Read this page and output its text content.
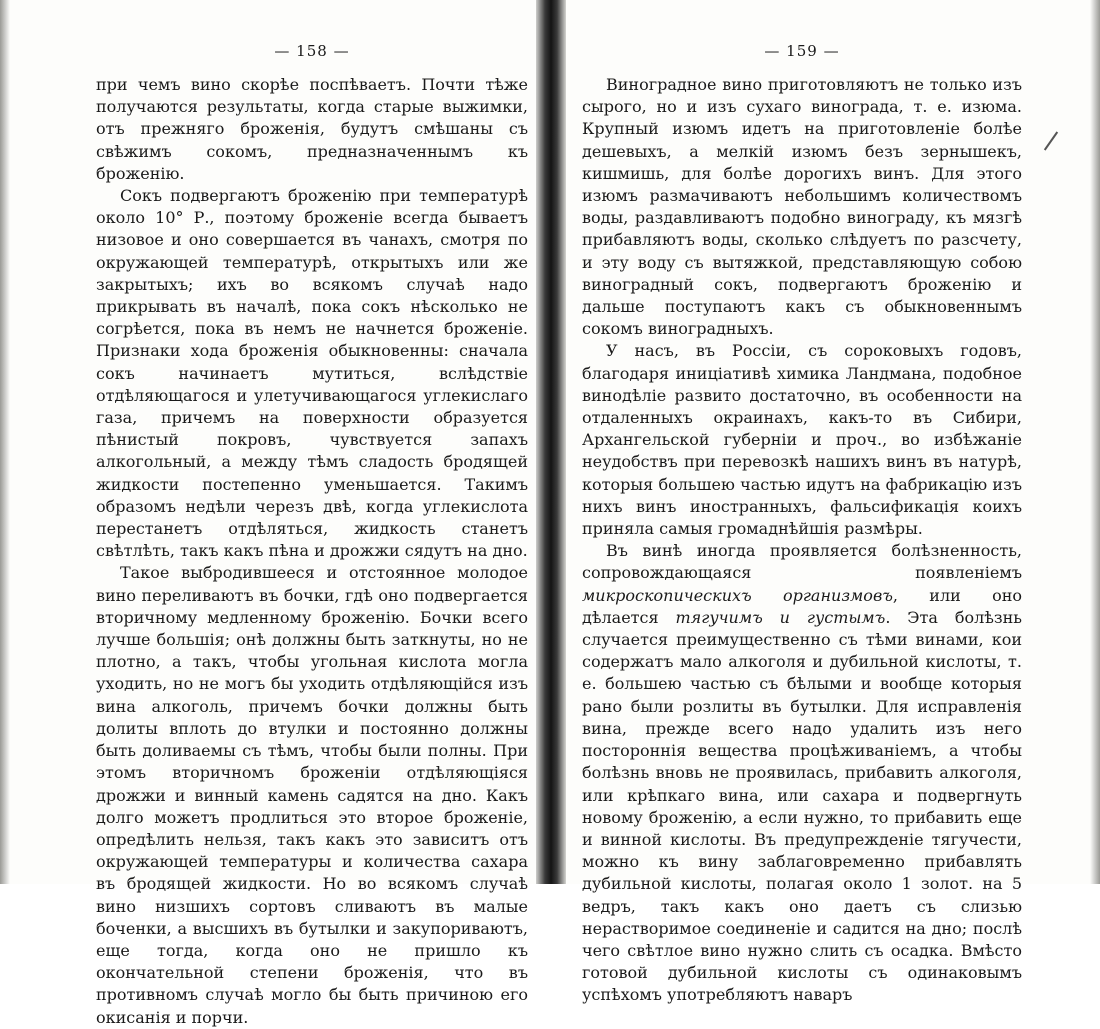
— 158 —

при чемъ вино скорѣе поспѣваетъ. Почти тѣже получаются результаты, когда старые выжимки, отъ прежняго броженія, будутъ смѣшаны съ свѣжимъ сокомъ, предназначеннымъ къ броженію.

Сокъ подвергаютъ броженію при температурѣ около 10° Р., поэтому броженіе всегда бываетъ низовое и оно совершается въ чанахъ, смотря по окружающей температурѣ, открытыхъ или же закрытыхъ; ихъ во всякомъ случаѣ надо прикрывать въ началѣ, пока сокъ нѣсколько не согрѣется, пока въ немъ не начнется броженіе. Признаки хода броженія обыкновенны: сначала сокъ начинаетъ мутиться, вслѣдствіе отдѣляющагося и улетучивающагося углекислаго газа, причемъ на поверхности образуется пѣнистый покровъ, чувствуется запахъ алкогольный, а между тѣмъ сладость бродящей жидкости постепенно уменьшается. Такимъ образомъ недѣли черезъ двѣ, когда углекислота перестанетъ отдѣляться, жидкость станетъ свѣтлѣть, такъ какъ пѣна и дрожжи сядутъ на дно.

Такое выбродившееся и отстоянное молодое вино переливаютъ въ бочки, гдѣ оно подвергается вторичному медленному броженію. Бочки всего лучше большія; онѣ должны быть заткнуты, но не плотно, а такъ, чтобы угольная кислота могла уходить, но не могъ бы уходить отдѣляющійся изъ вина алкоголь, причемъ бочки должны быть долиты вплоть до втулки и постоянно должны быть доливаемы съ тѣмъ, чтобы были полны. При этомъ вторичномъ броженіи отдѣляющіяся дрожжи и винный камень садятся на дно. Какъ долго можетъ продлиться это второе броженіе, опредѣлить нельзя, такъ какъ это зависитъ отъ окружающей температуры и количества сахара въ бродящей жидкости. Но во всякомъ случаѣ вино низшихъ сортовъ сливаютъ въ малые боченки, а высшихъ въ бутылки и закупориваютъ, еще тогда, когда оно не пришло къ окончательной степени броженія, что въ противномъ случаѣ могло бы быть причиною его окисанія и порчи.

— 159 —

Виноградное вино приготовляютъ не только изъ сырого, но и изъ сухаго винограда, т. е. изюма. Крупный изюмъ идетъ на приготовленіе болѣе дешевыхъ, а мелкій изюмъ безъ зернышекъ, кишмишь, для болѣе дорогихъ винъ. Для этого изюмъ размачиваютъ небольшимъ количествомъ воды, раздавливаютъ подобно винограду, къ мязгѣ прибавляютъ воды, сколько слѣдуетъ по разсчету, и эту воду съ вытяжкой, представляющую собою виноградный сокъ, подвергаютъ броженію и дальше поступаютъ какъ съ обыкновеннымъ сокомъ виноградныхъ.

У насъ, въ Россіи, съ сороковыхъ годовъ, благодаря иниціативѣ химика Ландмана, подобное винодѣліе развито достаточно, въ особенности на отдаленныхъ окраинахъ, какъ-то въ Сибири, Архангельской губерніи и проч., во избѣжаніе неудобствъ при перевозкѣ нашихъ винъ въ натурѣ, которыя большею частью идутъ на фабрикацію изъ нихъ винъ иностранныхъ, фальсификація коихъ приняла самыя громаднѣйшія размѣры.

Въ винѣ иногда проявляется болѣзненность, сопровождающаяся появленіемъ микроскопическихъ организмовъ, или оно дѣлается тягучимъ и густымъ. Эта болѣзнь случается преимущественно съ тѣми винами, кои содержатъ мало алкоголя и дубильной кислоты, т. е. большею частью съ бѣлыми и вообще которыя рано были розлиты въ бутылки. Для исправленія вина, прежде всего надо удалить изъ него постороннія вещества процѣживаніемъ, а чтобы болѣзнь вновь не проявилась, прибавить алкоголя, или крѣпкаго вина, или сахара и подвергнуть новому броженію, а если нужно, то прибавить еще и винной кислоты. Въ предупрежденіе тягучести, можно къ вину заблаговременно прибавлять дубильной кислоты, полагая около 1 золот. на 5 ведръ, такъ какъ оно даетъ съ слизью нерастворимое соединеніе и садится на дно; послѣ чего свѣтлое вино нужно слить съ осадка. Вмѣсто готовой дубильной кислоты съ одинаковымъ успѣхомъ употребляютъ наваръ
